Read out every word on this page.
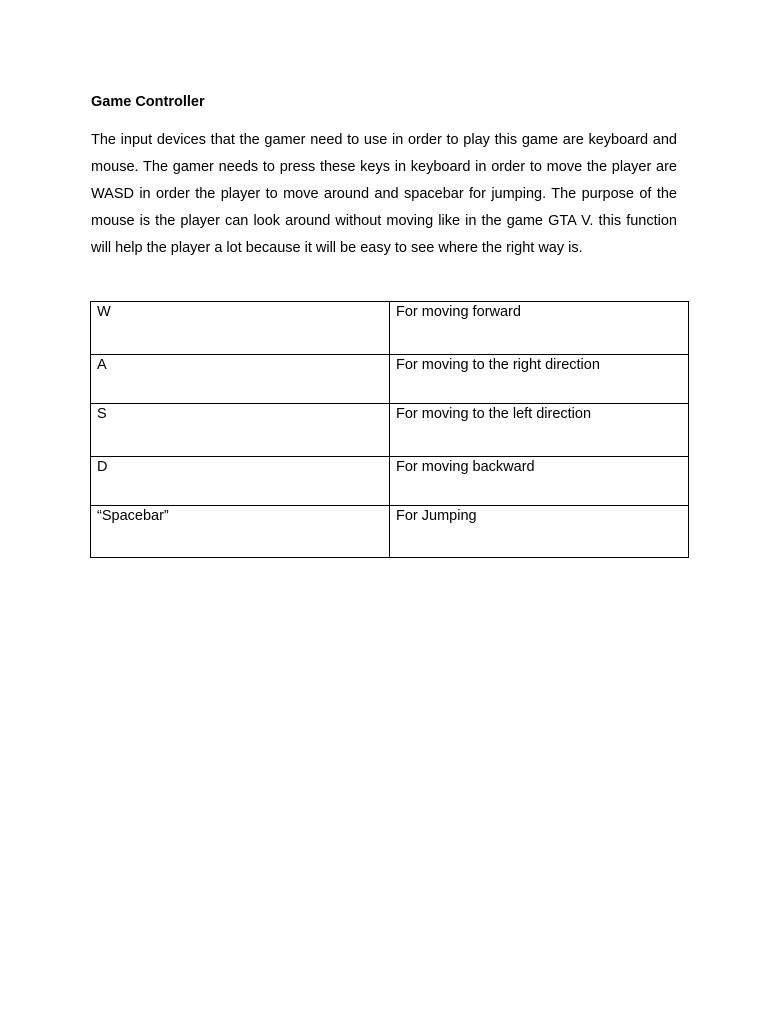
Game Controller

The input devices that the gamer need to use in order to play this game are keyboard and mouse. The gamer needs to press these keys in keyboard in order to move the player are WASD in order the player to move around and spacebar for jumping. The purpose of the mouse is the player can look around without moving like in the game GTA V. this function will help the player a lot because it will be easy to see where the right way is.

W	For moving forward
A	For moving to the right direction
S	For moving to the left direction
D	For moving backward
“Spacebar”	For Jumping
